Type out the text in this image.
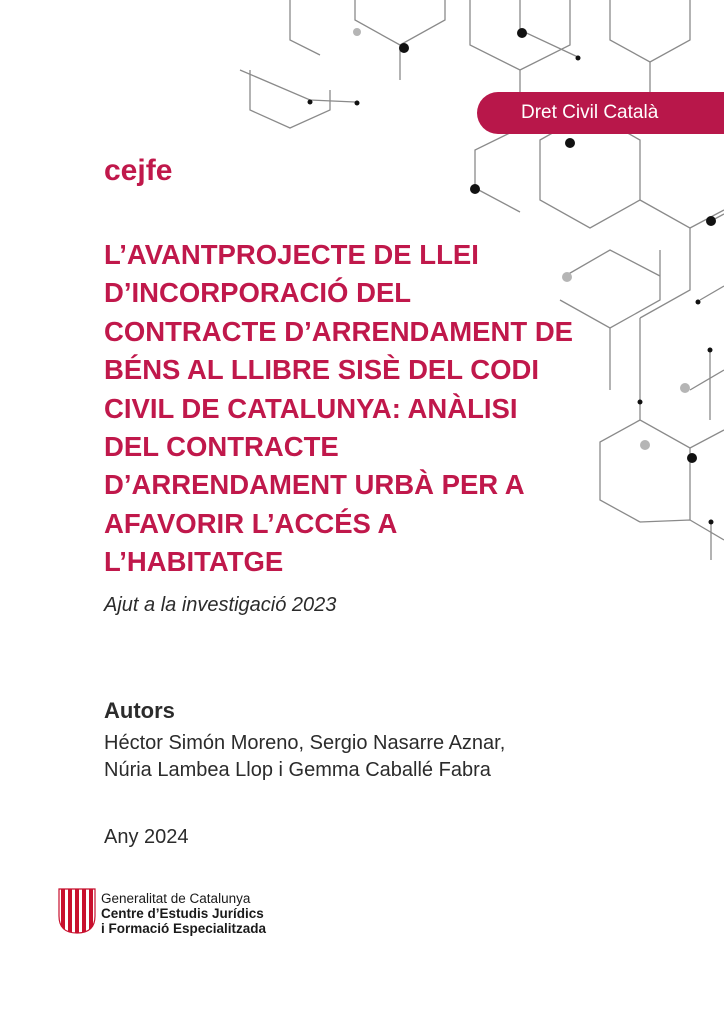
Dret Civil Català
cejfe
L’AVANTPROJECTE DE LLEI
D’INCORPORACIÓ DEL
CONTRACTE D’ARRENDAMENT DE
BÉNS AL LLIBRE SISÈ DEL CODI
CIVIL DE CATALUNYA: ANÀLISI
DEL CONTRACTE
D’ARRENDAMENT URBÀ PER A
AFAVORIR L’ACCÉS A
L’HABITATGE
Ajut a la investigació 2023
Autors
Héctor Simón Moreno, Sergio Nasarre Aznar,
Núria Lambea Llop i Gemma Caballé Fabra
Any 2024
Generalitat de Catalunya
Centre d’Estudis Jurídics
i Formació Especialitzada
